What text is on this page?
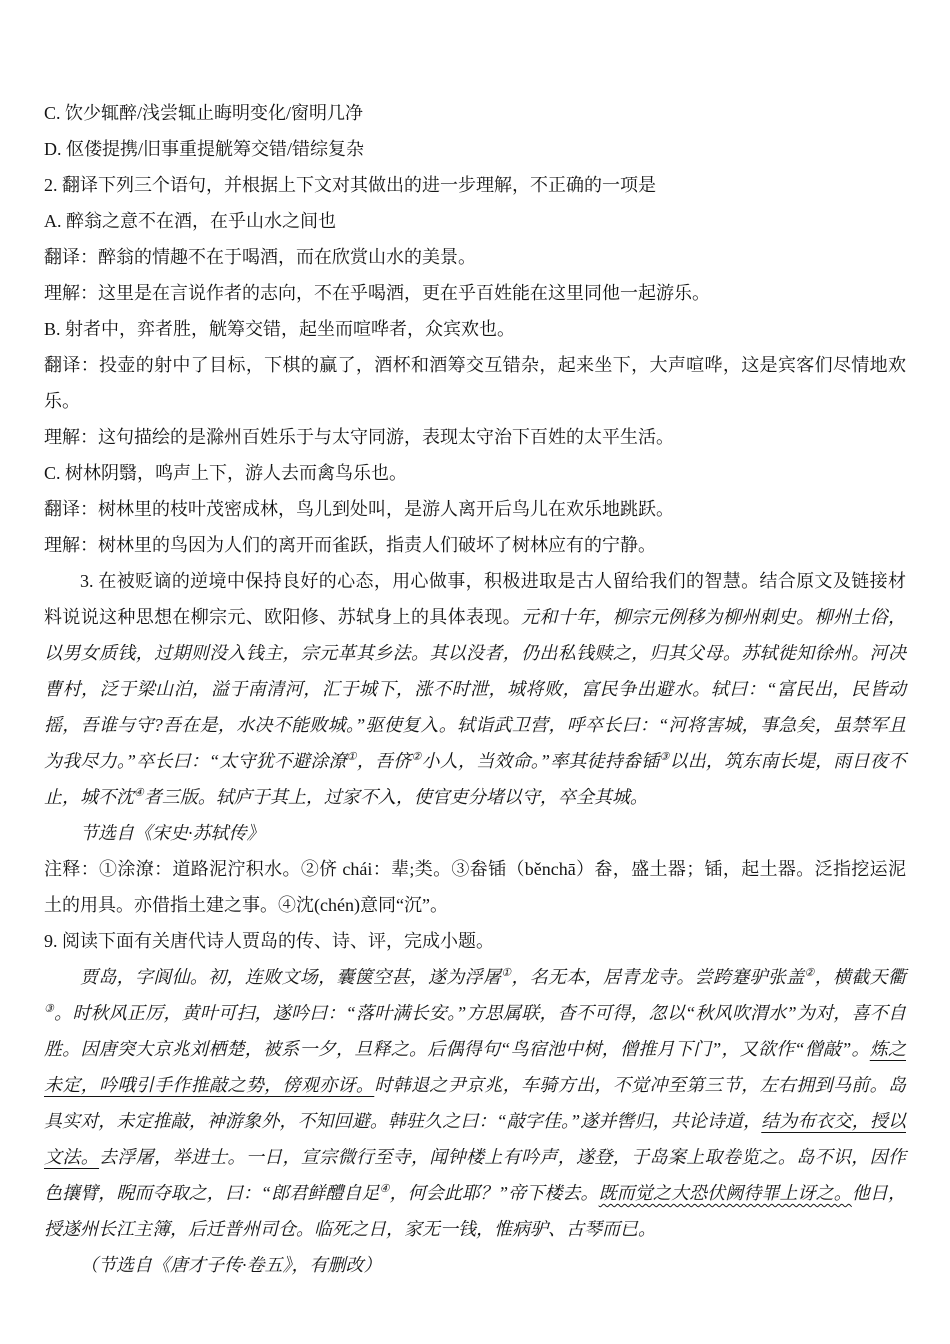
C. 饮少辄醉/浅尝辄止晦明变化/窗明几净

D. 伛偻提携/旧事重提觥筹交错/错综复杂

2. 翻译下列三个语句，并根据上下文对其做出的进一步理解，不正确的一项是

A. 醉翁之意不在酒，在乎山水之间也

翻译：醉翁的情趣不在于喝酒，而在欣赏山水的美景。

理解：这里是在言说作者的志向，不在乎喝酒，更在乎百姓能在这里同他一起游乐。

B. 射者中，弈者胜，觥筹交错，起坐而喧哗者，众宾欢也。

翻译：投壶的射中了目标，下棋的赢了，酒杯和酒筹交互错杂，起来坐下，大声喧哗，这是宾客们尽情地欢乐。

理解：这句描绘的是滁州百姓乐于与太守同游，表现太守治下百姓的太平生活。

C. 树林阴翳，鸣声上下，游人去而禽鸟乐也。

翻译：树林里的枝叶茂密成林，鸟儿到处叫，是游人离开后鸟儿在欢乐地跳跃。

理解：树林里的鸟因为人们的离开而雀跃，指责人们破坏了树林应有的宁静。

3. 在被贬谪的逆境中保持良好的心态，用心做事，积极进取是古人留给我们的智慧。结合原文及链接材料说说这种思想在柳宗元、欧阳修、苏轼身上的具体表现。元和十年，柳宗元例移为柳州刺史。柳州土俗，以男女质钱，过期则没入钱主，宗元革其乡法。其以没者，仍出私钱赎之，归其父母。苏轼徙知徐州。河决曹村，泛于梁山泊，溢于南清河，汇于城下，涨不时泄，城将败，富民争出避水。轼曰：“富民出，民皆动摇，吾谁与守?吾在是，水决不能败城。”驱使复入。轼诣武卫营，呼卒长曰：“河将害城，事急矣，虽禁军且为我尽力。”卒长曰：“太守犹不避涂潦①，吾侪②小人，当效命。”率其徒持畚锸③以出，筑东南长堤，雨日夜不止，城不沈④者三版。轼庐于其上，过家不入，使官吏分堵以守，卒全其城。

节选自《宋史·苏轼传》

注释：①涂潦：道路泥泞积水。②侪 chái：辈;类。③畚锸（běnchā）畚，盛土器；锸，起土器。泛指挖运泥土的用具。亦借指土建之事。④沈(chén)意同“沉”。

9. 阅读下面有关唐代诗人贾岛的传、诗、评，完成小题。

贾岛，字阆仙。初，连败文场，囊箧空甚，遂为浮屠①，名无本，居青龙寺。尝跨蹇驴张盖②，横截天衢③。时秋风正厉，黄叶可扫，遂吟曰：“落叶满长安。”方思属联，杳不可得，忽以“秋风吹渭水”为对，喜不自胜。因唐突大京兆刘栖楚，被系一夕，旦释之。后偶得句“鸟宿池中树，僧推月下门”，又欲作“僧敲”。炼之未定，吟哦引手作推敲之势，傍观亦讶。时韩退之尹京兆，车骑方出，不觉冲至第三节，左右拥到马前。岛具实对，未定推敲，神游象外，不知回避。韩驻久之曰：“敲字佳。”遂并辔归，共论诗道，结为布衣交，授以文法。去浮屠，举进士。一日，宣宗微行至寺，闻钟楼上有吟声，遂登，于岛案上取卷览之。岛不识，因作色攘臂，睨而夺取之，曰：“郎君鲜醴自足④，何会此耶？”帝下楼去。既而觉之大恐伏阙待罪上讶之。他日，授遂州长江主簿，后迁普州司仓。临死之日，家无一钱，惟病驴、古琴而已。

（节选自《唐才子传·卷五》，有删改）
